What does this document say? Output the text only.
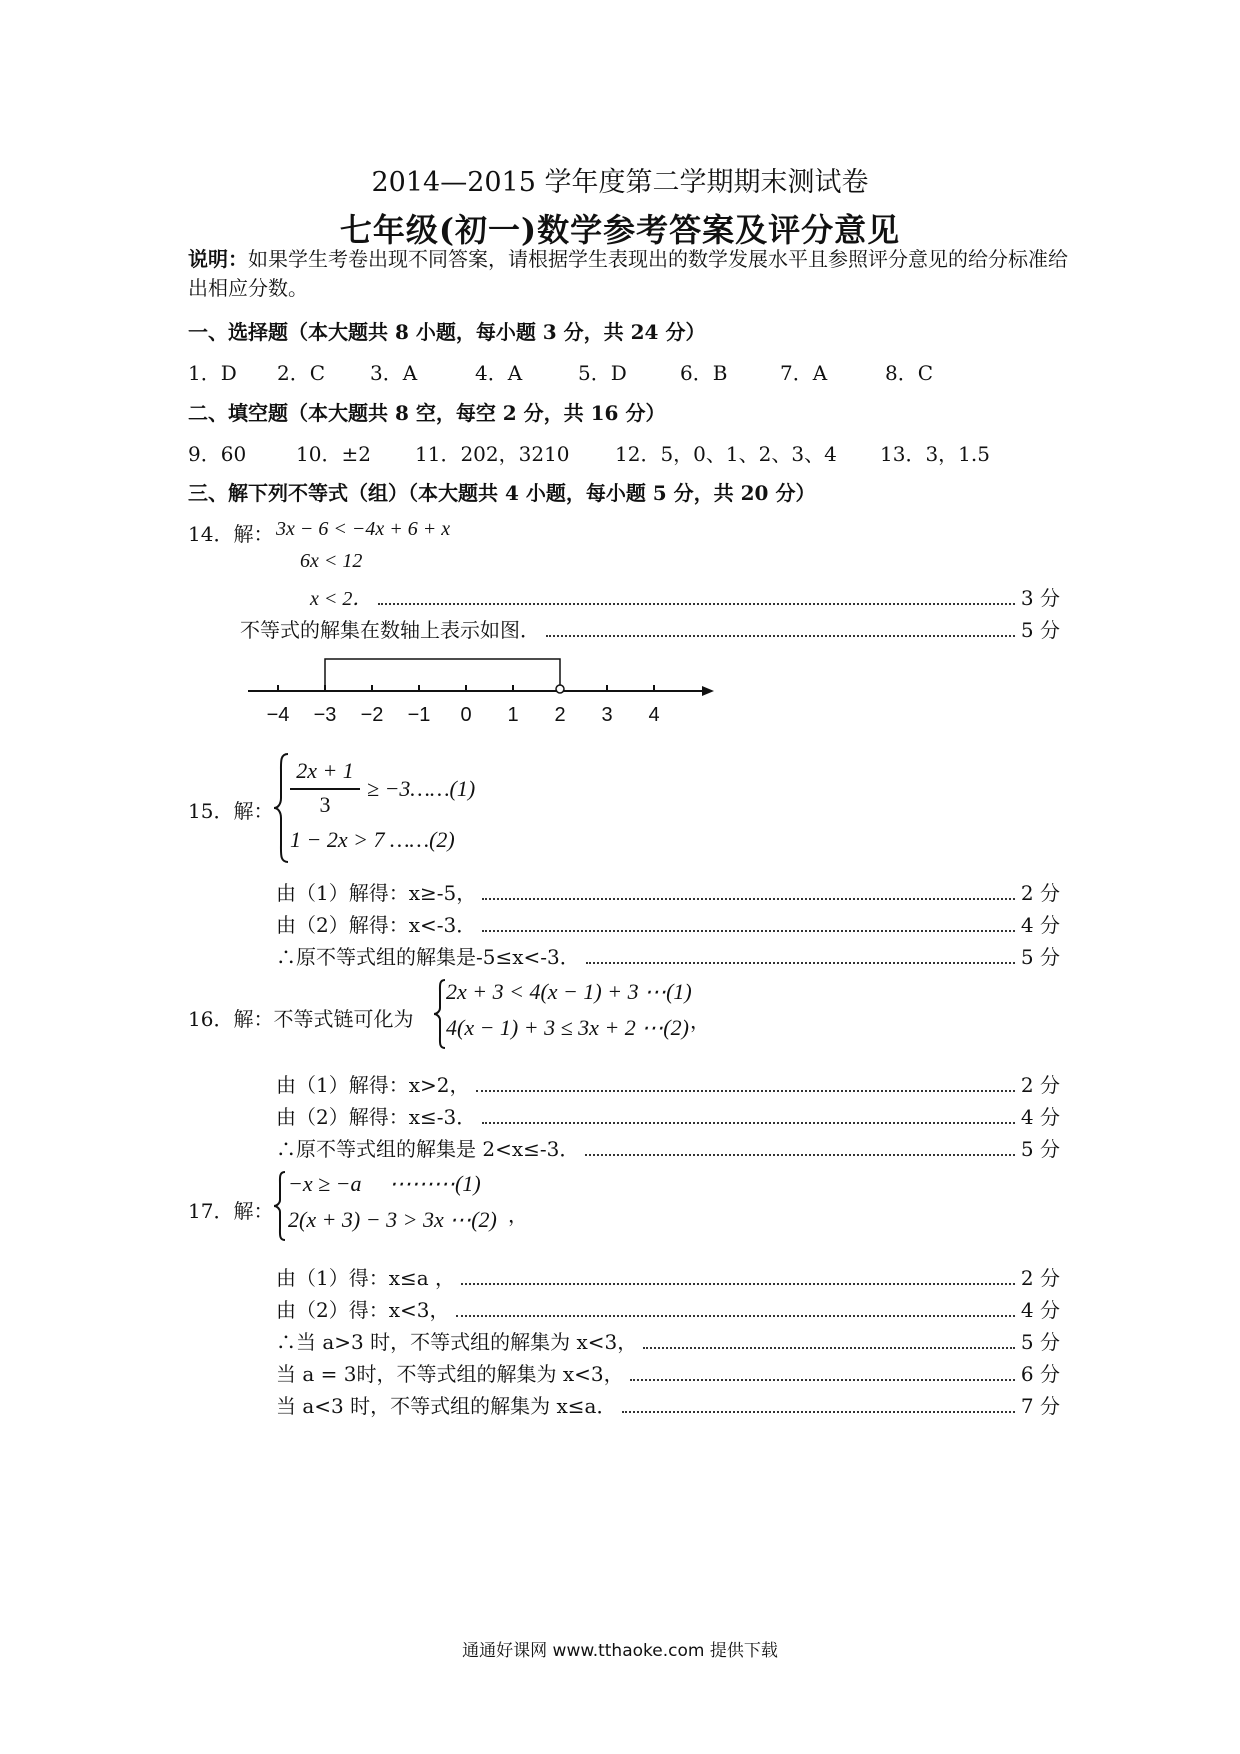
2014—2015 学年度第二学期期末测试卷
七年级(初一)数学参考答案及评分意见
说明：如果学生考卷出现不同答案，请根据学生表现出的数学发展水平且参照评分意见的给分标准给出相应分数。
一、选择题（本大题共 8 小题，每小题 3 分，共 24 分）
1．D 2．C 3．A	4．A	5．D	6．B	7．A	8．C
二、填空题（本大题共 8 空，每空 2 分，共 16 分）
9．60 10．±2 11．202，3210 12．5，0、1、2、3、4 13．3，1.5
三、解下列不等式（组）（本大题共 4 小题，每小题 5 分，共 20 分）
14．解： 3x − 6 < −4x + 6 + x
6x < 12
x < 2．	3 分
不等式的解集在数轴上表示如图．	5 分
−4 −3 −2 −1 0 1 2 3 4
15．解：
2x + 1
3
≥ −3……(1)
1 − 2x > 7 ……(2)
由（1）解得：x≥-5，	2 分
由（2）解得：x<-3．	4 分
∴原不等式组的解集是-5≤x<-3．	5 分
16．解：不等式链可化为
2x + 3 < 4(x − 1) + 3 ⋯(1)
4(x − 1) + 3 ≤ 3x + 2 ⋯(2) ，
由（1）解得：x>2，	2 分
由（2）解得：x≤-3．	4 分
∴原不等式组的解集是 2<x≤-3．	5 分
17．解：
−x ≥ −a     ⋯⋯⋯(1)
2(x + 3) − 3 > 3x ⋯(2) ，
由（1）得：x≤a ，	2 分
由（2）得：x<3，	4 分
∴当 a>3 时，不等式组的解集为 x<3，	5 分
当 a = 3时，不等式组的解集为 x<3，	6 分
当 a<3 时，不等式组的解集为 x≤a．	7 分
通通好课网 www.tthaoke.com 提供下载
